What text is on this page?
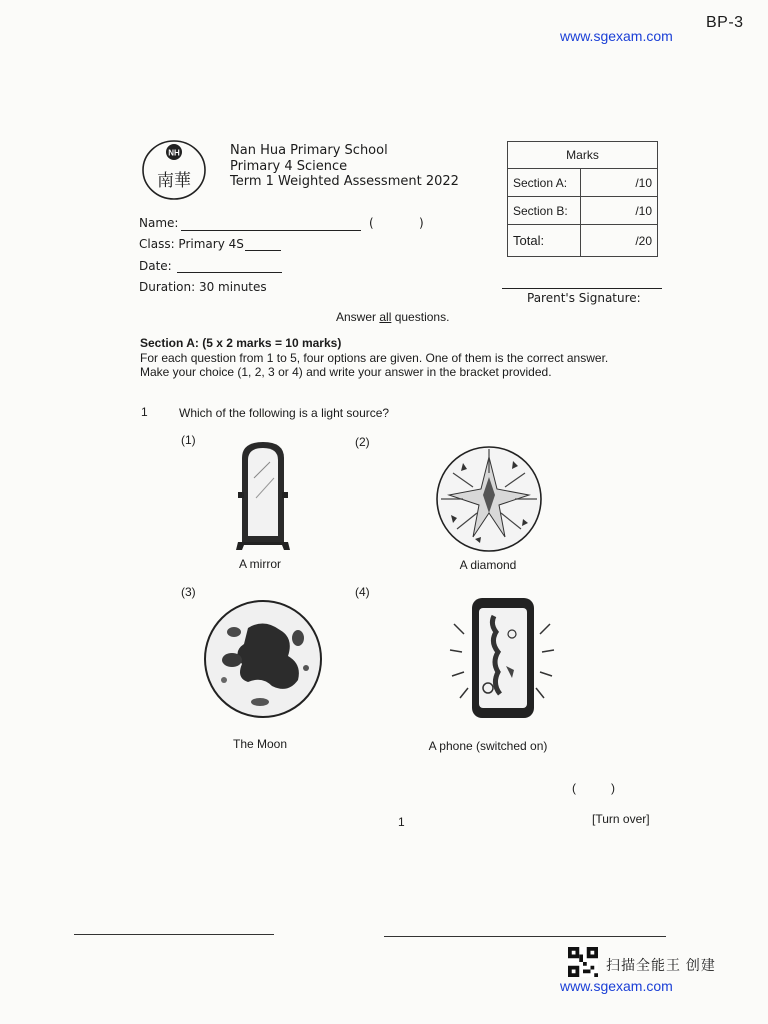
BP-3
www.sgexam.com
NH
南華
Nan Hua Primary School
Primary 4 Science
Term 1 Weighted Assessment 2022
Marks	
Section A:	/10
Section B:	/10
Total:	/20
Name:	(	)
Class: Primary 4S
Date:
Duration: 30 minutes
Parent's Signature:
Answer all questions.
Section A: (5 x 2 marks = 10 marks)
For each question from 1 to 5, four options are given. One of them is the correct answer.
Make your choice (1, 2, 3 or 4) and write your answer in the bracket provided.
1	Which of the following is a light source?
(1)	(2)
(3)	(4)
A mirror	A diamond
The Moon	A phone (switched on)
(	)
1	[Turn over]
扫描全能王 创建
www.sgexam.com
